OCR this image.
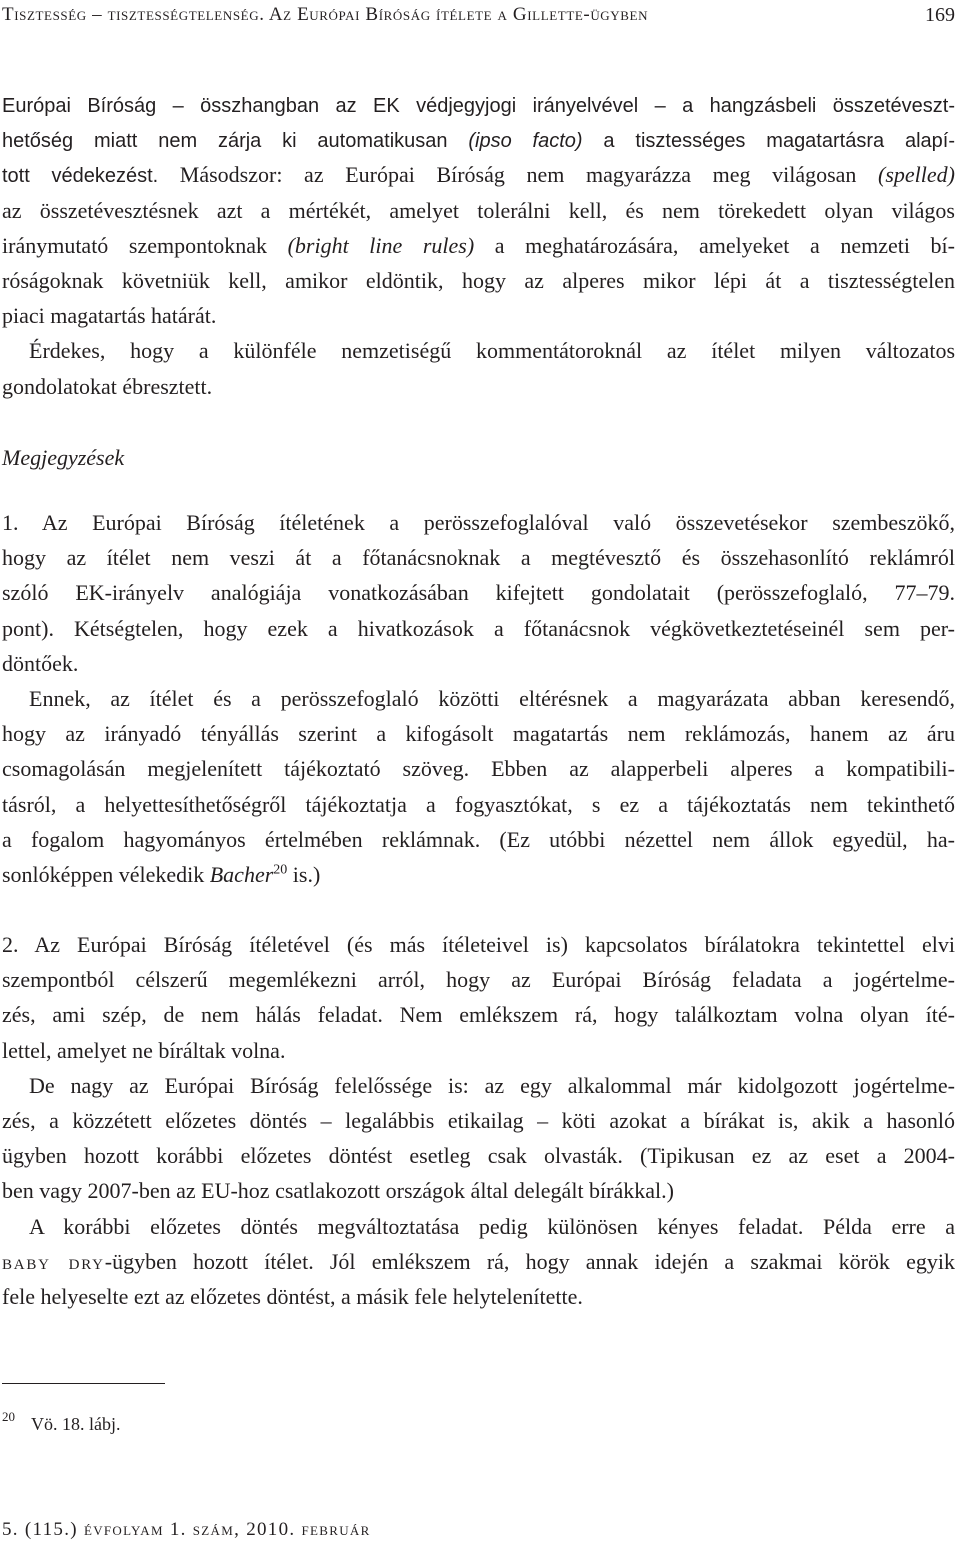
Tisztesség – tisztességtelenség. Az Európai Bíróság ítélete a Gillette-ügyben	169
Európai Bíróság – összhangban az EK védjegyjogi irányelvével – a hangzásbeli összetéveszt-
hetőség miatt nem zárja ki automatikusan (ipso facto) a tisztességes magatartásra alapí-
tott védekezést. Másodszor: az Európai Bíróság nem magyarázza meg világosan (spelled)
az összetévesztésnek azt a mértékét, amelyet tolerálni kell, és nem törekedett olyan világos
iránymutató szempontoknak (bright line rules) a meghatározására, amelyeket a nemzeti bí-
róságoknak követniük kell, amikor eldöntik, hogy az alperes mikor lépi át a tisztességtelen
piaci magatartás határát.
Érdekes, hogy a különféle nemzetiségű kommentátoroknál az ítélet milyen változatos
gondolatokat ébresztett.
Megjegyzések
1. Az Európai Bíróság ítéletének a perösszefoglalóval való összevetésekor szembeszökő,
hogy az ítélet nem veszi át a főtanácsnoknak a megtévesztő és összehasonlító reklámról
szóló EK-irányelv analógiája vonatkozásában kifejtett gondolatait (perösszefoglaló, 77–79.
pont). Kétségtelen, hogy ezek a hivatkozások a főtanácsnok végkövetkeztetéseinél sem per-
döntőek.
Ennek, az ítélet és a perösszefoglaló közötti eltérésnek a magyarázata abban keresendő,
hogy az irányadó tényállás szerint a kifogásolt magatartás nem reklámozás, hanem az áru
csomagolásán megjelenített tájékoztató szöveg. Ebben az alapperbeli alperes a kompatibili-
tásról, a helyettesíthetőségről tájékoztatja a fogyasztókat, s ez a tájékoztatás nem tekinthető
a fogalom hagyományos értelmében reklámnak. (Ez utóbbi nézettel nem állok egyedül, ha-
sonlóképpen vélekedik Bacher$^{20}$ is.)
2. Az Európai Bíróság ítéletével (és más ítéleteivel is) kapcsolatos bírálatokra tekintettel elvi
szempontból célszerű megemlékezni arról, hogy az Európai Bíróság feladata a jogértelme-
zés, ami szép, de nem hálás feladat. Nem emlékszem rá, hogy találkoztam volna olyan íté-
lettel, amelyet ne bíráltak volna.
De nagy az Európai Bíróság felelőssége is: az egy alkalommal már kidolgozott jogértelme-
zés, a közzétett előzetes döntés – legalábbis etikailag – köti azokat a bírákat is, akik a hasonló
ügyben hozott korábbi előzetes döntést esetleg csak olvasták. (Tipikusan ez az eset a 2004-
ben vagy 2007-ben az EU-hoz csatlakozott országok által delegált bírákkal.)
A korábbi előzetes döntés megváltoztatása pedig különösen kényes feladat. Példa erre a
baby dry-ügyben hozott ítélet. Jól emlékszem rá, hogy annak idején a szakmai körök egyik
fele helyeselte ezt az előzetes döntést, a másik fele helytelenítette.
$^{20}$ Vö. 18. lábj.
5. (115.) évfolyam 1. szám, 2010. február
